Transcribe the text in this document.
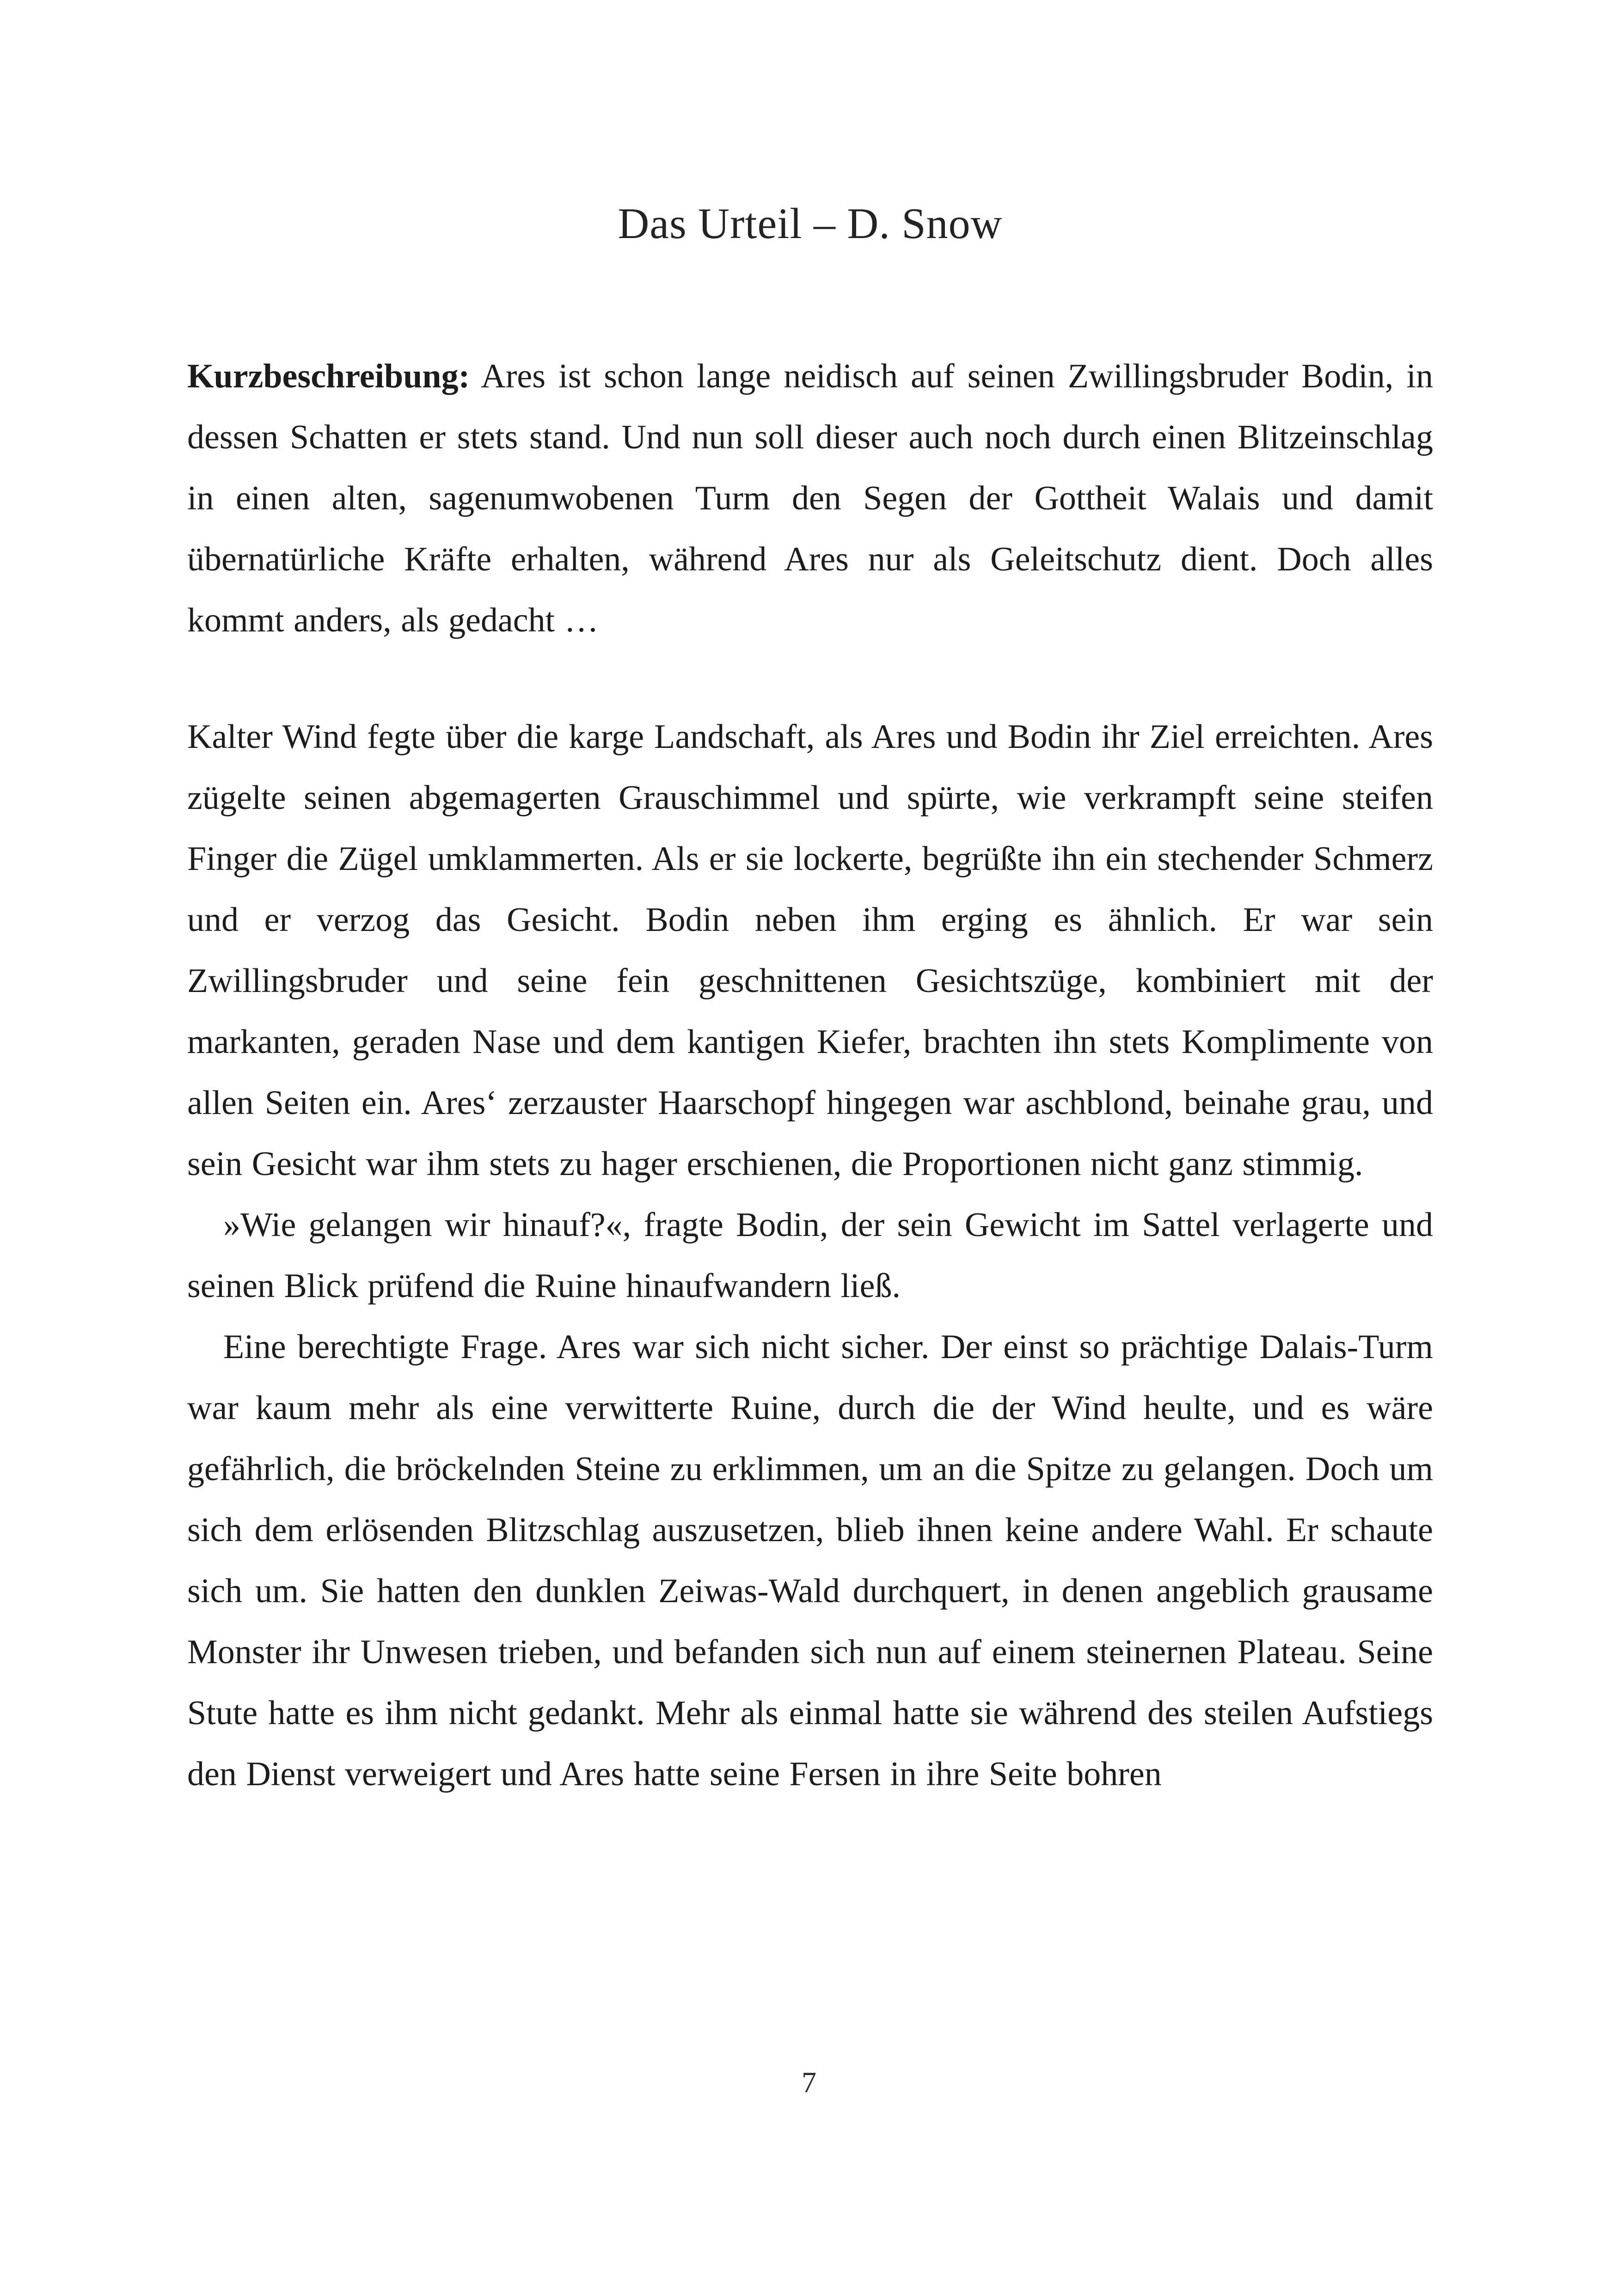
Das Urteil – D. Snow

Kurzbeschreibung: Ares ist schon lange neidisch auf seinen Zwillingsbruder Bodin, in dessen Schatten er stets stand. Und nun soll dieser auch noch durch einen Blitzeinschlag in einen alten, sagenumwobenen Turm den Segen der Gottheit Walais und damit übernatürliche Kräfte erhalten, während Ares nur als Geleitschutz dient. Doch alles kommt anders, als gedacht …

Kalter Wind fegte über die karge Landschaft, als Ares und Bodin ihr Ziel erreichten. Ares zügelte seinen abgemagerten Grauschimmel und spürte, wie verkrampft seine steifen Finger die Zügel umklammerten. Als er sie lockerte, begrüßte ihn ein stechender Schmerz und er verzog das Gesicht. Bodin neben ihm erging es ähnlich. Er war sein Zwillingsbruder und seine fein geschnittenen Gesichtszüge, kombiniert mit der markanten, geraden Nase und dem kantigen Kiefer, brachten ihn stets Komplimente von allen Seiten ein. Ares‘ zerzauster Haarschopf hingegen war aschblond, beinahe grau, und sein Gesicht war ihm stets zu hager erschienen, die Proportionen nicht ganz stimmig.

»Wie gelangen wir hinauf?«, fragte Bodin, der sein Gewicht im Sattel verlagerte und seinen Blick prüfend die Ruine hinaufwandern ließ.

Eine berechtigte Frage. Ares war sich nicht sicher. Der einst so prächtige Dalais-Turm war kaum mehr als eine verwitterte Ruine, durch die der Wind heulte, und es wäre gefährlich, die bröckelnden Steine zu erklimmen, um an die Spitze zu gelangen. Doch um sich dem erlösenden Blitzschlag auszusetzen, blieb ihnen keine andere Wahl. Er schaute sich um. Sie hatten den dunklen Zeiwas-Wald durchquert, in denen angeblich grausame Monster ihr Unwesen trieben, und befanden sich nun auf einem steinernen Plateau. Seine Stute hatte es ihm nicht gedankt. Mehr als einmal hatte sie während des steilen Aufstiegs den Dienst verweigert und Ares hatte seine Fersen in ihre Seite bohren

7
